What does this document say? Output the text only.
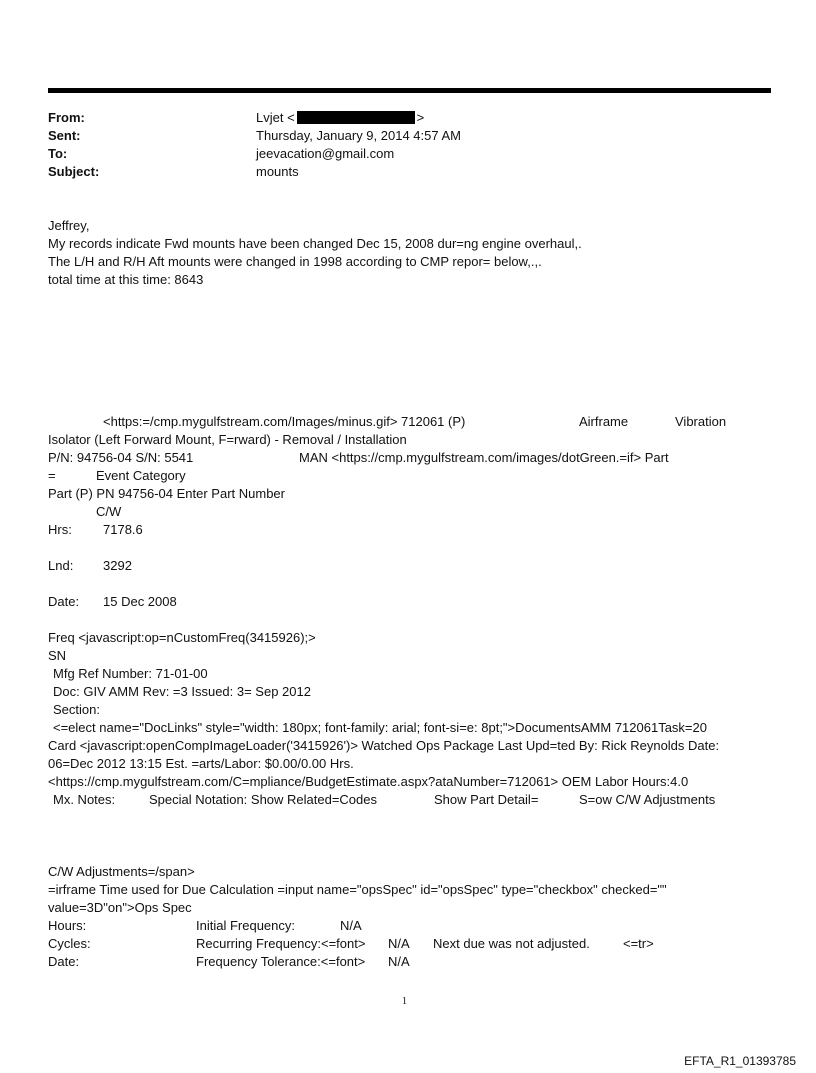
From:	Lvjet <	>
Sent:	Thursday, January 9, 2014 4:57 AM
To:	jeevacation@gmail.com
Subject:	mounts
Jeffrey,
My records indicate Fwd mounts have been changed Dec 15, 2008 dur=ng engine overhaul,.
The L/H and R/H Aft mounts were changed in 1998 according to CMP repor= below,.,.
total time at this time: 8643
<https:=/cmp.mygulfstream.com/Images/minus.gif> 712061 (P)	Airframe	Vibration
Isolator (Left Forward Mount, F=rward) - Removal / Installation
P/N: 94756-04 S/N: 5541	MAN <https://cmp.mygulfstream.com/images/dotGreen.=if> Part
=	Event Category
Part (P) PN 94756-04 Enter Part Number
C/W
Hrs: 7178.6
Lnd: 3292
Date: 15 Dec 2008
Freq <javascript:op=nCustomFreq(3415926);>
SN
Mfg Ref Number: 71-01-00
Doc: GIV AMM Rev: =3 Issued: 3= Sep 2012
Section:
<=elect name="DocLinks" style="width: 180px; font-family: arial; font-si=e: 8pt;">DocumentsAMM 712061Task=20
Card <javascript:openCompImageLoader('3415926')> Watched Ops Package Last Upd=ted By: Rick Reynolds Date:
06=Dec 2012 13:15 Est. =arts/Labor: $0.00/0.00 Hrs.
<https://cmp.mygulfstream.com/C=mpliance/BudgetEstimate.aspx?ataNumber=712061> OEM Labor Hours:4.0
Mx. Notes:	Special Notation: Show Related=Codes	Show Part Detail=	S=ow C/W Adjustments
C/W Adjustments=/span>
=irframe Time used for Due Calculation =input name="opsSpec" id="opsSpec" type="checkbox" checked=""
value=3D"on">Ops Spec
Hours:	Initial Frequency:	N/A
Cycles:	Recurring Frequency:<=font> N/A Next due was not adjusted.	<=tr>
Date:	Frequency Tolerance:<=font> N/A
1
EFTA_R1_01393785
